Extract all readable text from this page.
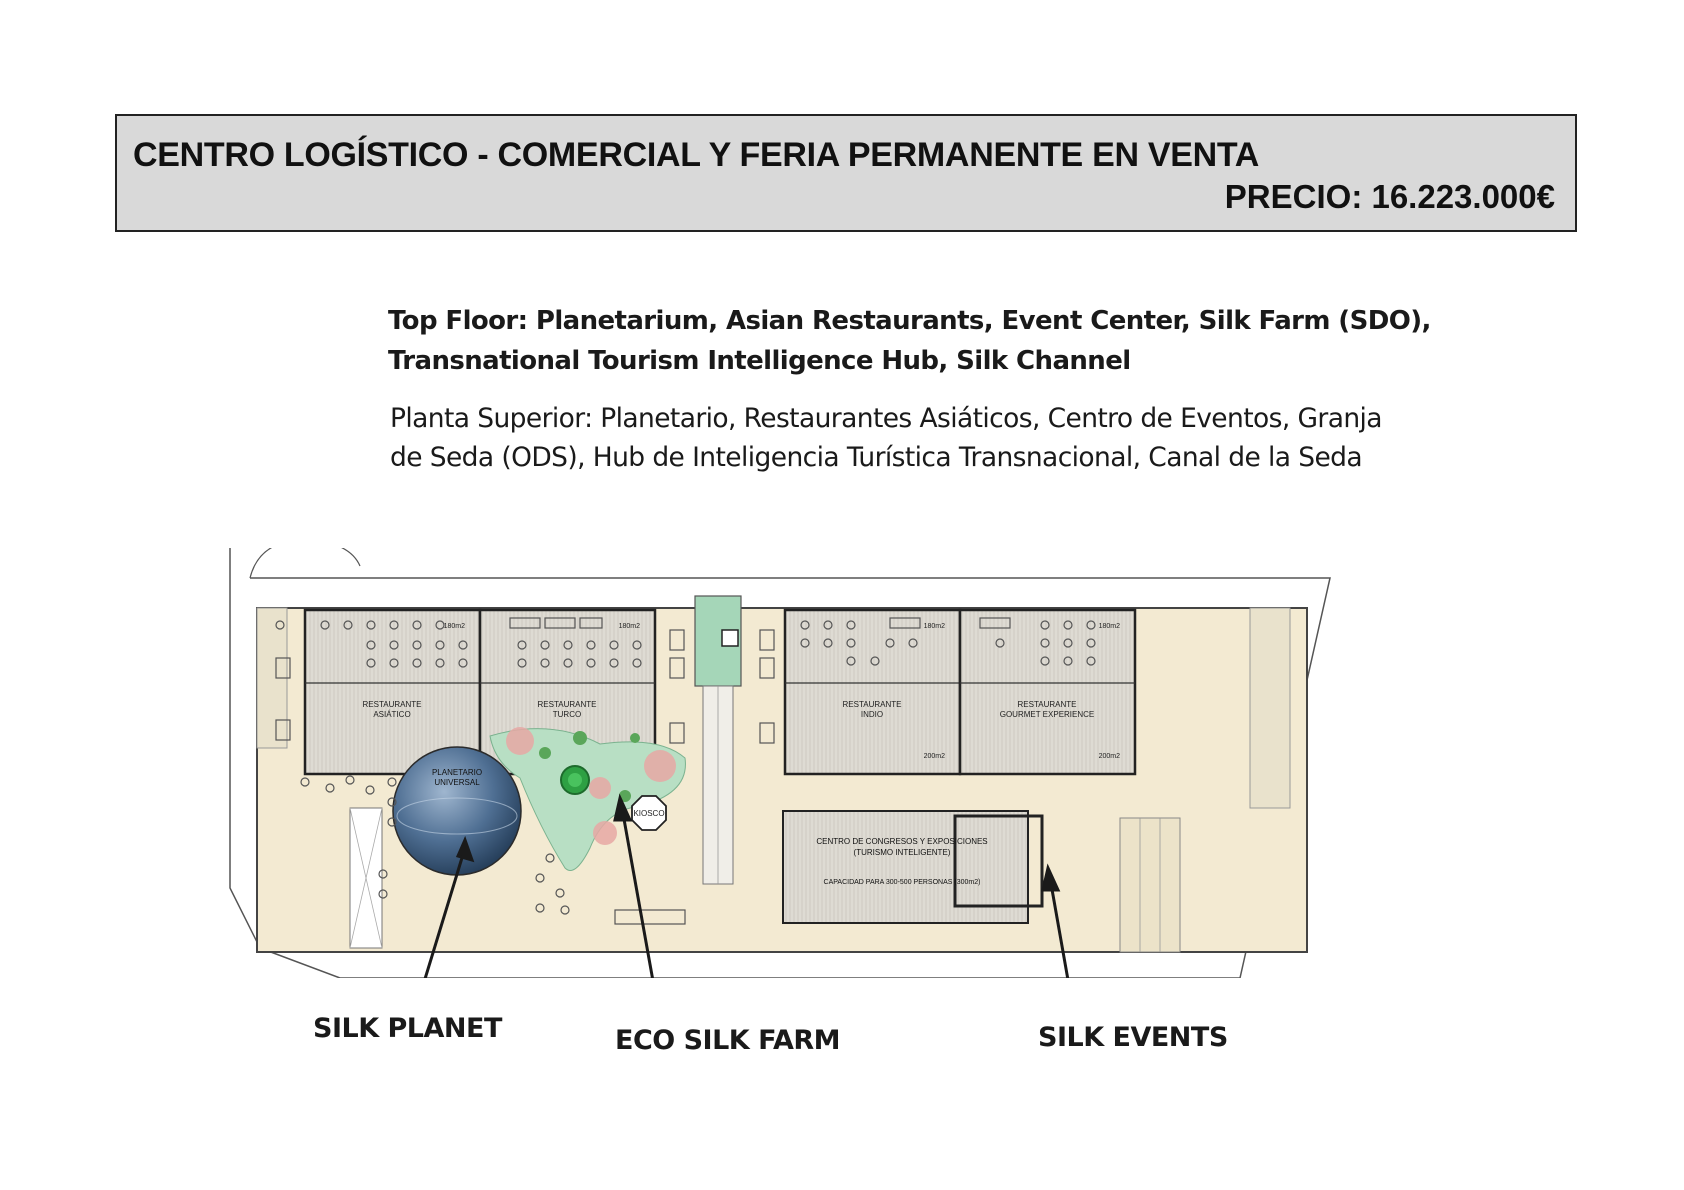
CENTRO LOGÍSTICO - COMERCIAL Y FERIA PERMANENTE EN VENTA
PRECIO: 16.223.000€
Top Floor: Planetarium, Asian Restaurants, Event Center, Silk Farm (SDO),
Transnational Tourism Intelligence Hub, Silk Channel
Planta Superior: Planetario, Restaurantes Asiáticos, Centro de Eventos, Granja
de Seda (ODS), Hub de Inteligencia Turística Transnacional, Canal de la Seda
RESTAURANTE
ASIÁTICO
180m2
RESTAURANTE
TURCO
180m2
RESTAURANTE
INDIO
180m2
200m2
RESTAURANTE
GOURMET EXPERIENCE
180m2
200m2
KIOSCO
PLANETARIO
UNIVERSAL
CENTRO DE CONGRESOS Y EXPOSICIONES
(TURISMO INTELIGENTE)
CAPACIDAD PARA 300-500 PERSONAS (300m2)
SILK PLANET	ECO SILK FARM	SILK EVENTS
